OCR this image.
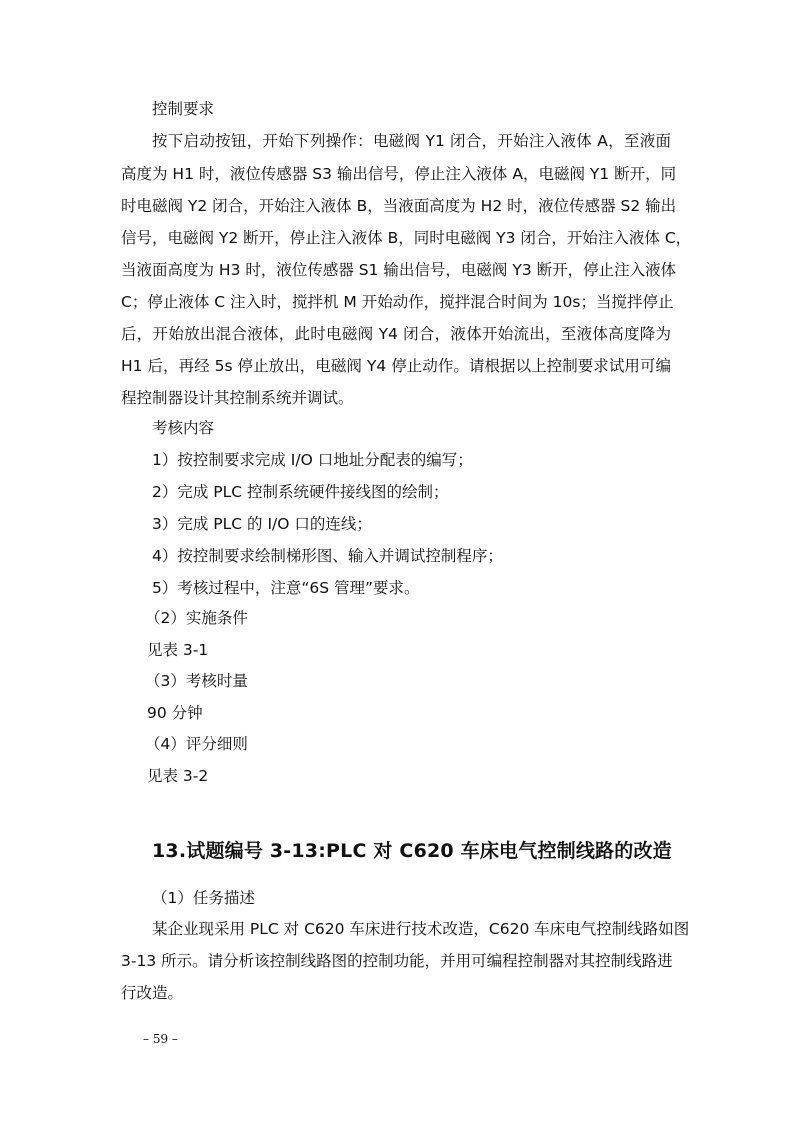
控制要求
按下启动按钮，开始下列操作：电磁阀 Y1 闭合，开始注入液体 A，至液面
高度为 H1 时，液位传感器 S3 输出信号，停止注入液体 A，电磁阀 Y1 断开，同
时电磁阀 Y2 闭合，开始注入液体 B，当液面高度为 H2 时，液位传感器 S2 输出
信号，电磁阀 Y2 断开，停止注入液体 B，同时电磁阀 Y3 闭合，开始注入液体 C，
当液面高度为 H3 时，液位传感器 S1 输出信号，电磁阀 Y3 断开，停止注入液体
C；停止液体 C 注入时，搅拌机 M 开始动作，搅拌混合时间为 10s；当搅拌停止
后，开始放出混合液体，此时电磁阀 Y4 闭合，液体开始流出，至液体高度降为
H1 后，再经 5s 停止放出，电磁阀 Y4 停止动作。请根据以上控制要求试用可编
程控制器设计其控制系统并调试。
考核内容
1）按控制要求完成 I/O 口地址分配表的编写；
2）完成 PLC 控制系统硬件接线图的绘制；
3）完成 PLC 的 I/O 口的连线；
4）按控制要求绘制梯形图、输入并调试控制程序；
5）考核过程中，注意“6S 管理”要求。
（2）实施条件
见表 3-1
（3）考核时量
90 分钟
（4）评分细则
见表 3-2
13.试题编号 3-13:PLC 对 C620 车床电气控制线路的改造
（1）任务描述
某企业现采用 PLC 对 C620 车床进行技术改造，C620 车床电气控制线路如图
3-13 所示。请分析该控制线路图的控制功能，并用可编程控制器对其控制线路进
行改造。
– 59 –
